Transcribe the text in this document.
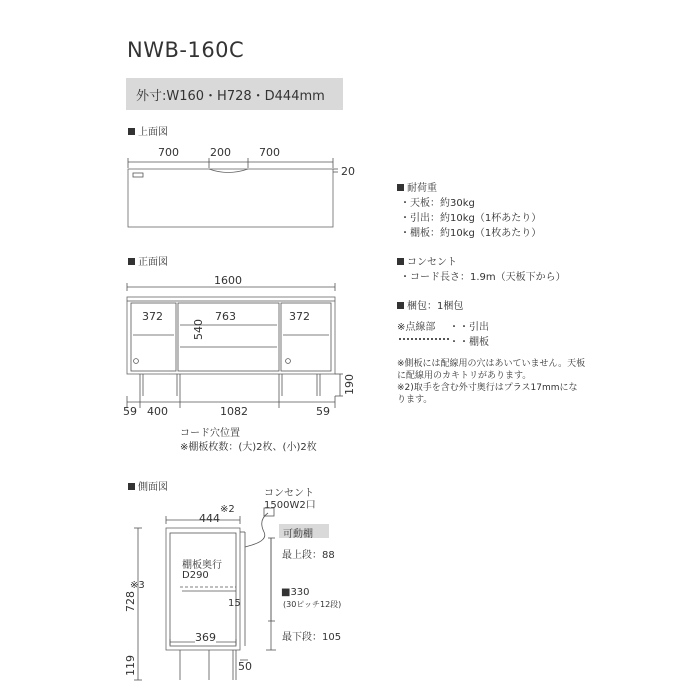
NWB-160C
外寸:W160・H728・D444mm
上面図
正面図
側面図
700	200	700
20
耐荷重
・天板：約30kg
・引出：約10kg（1杯あたり）
・棚板：約10kg（1枚あたり）
コンセント
・コード長さ：1.9m（天板下から）
梱包：1梱包
※点線部 ・・引出
・・棚板
※側板には配線用の穴はあいていません。天板
に配線用のカキトリがあります。
※2)取手を含む外寸奥行はプラス17mmにな
ります。
1600
372	763	372
540
190
59 400	1082	59
コード穴位置
※棚板枚数：(大)2枚、(小)2枚
コンセント
1500W2口
※2
444
可動棚
棚板奥行
D290
最上段：88
■330
(30ピッチ12段)
最下段：105
15
※3
728
369
119	50
